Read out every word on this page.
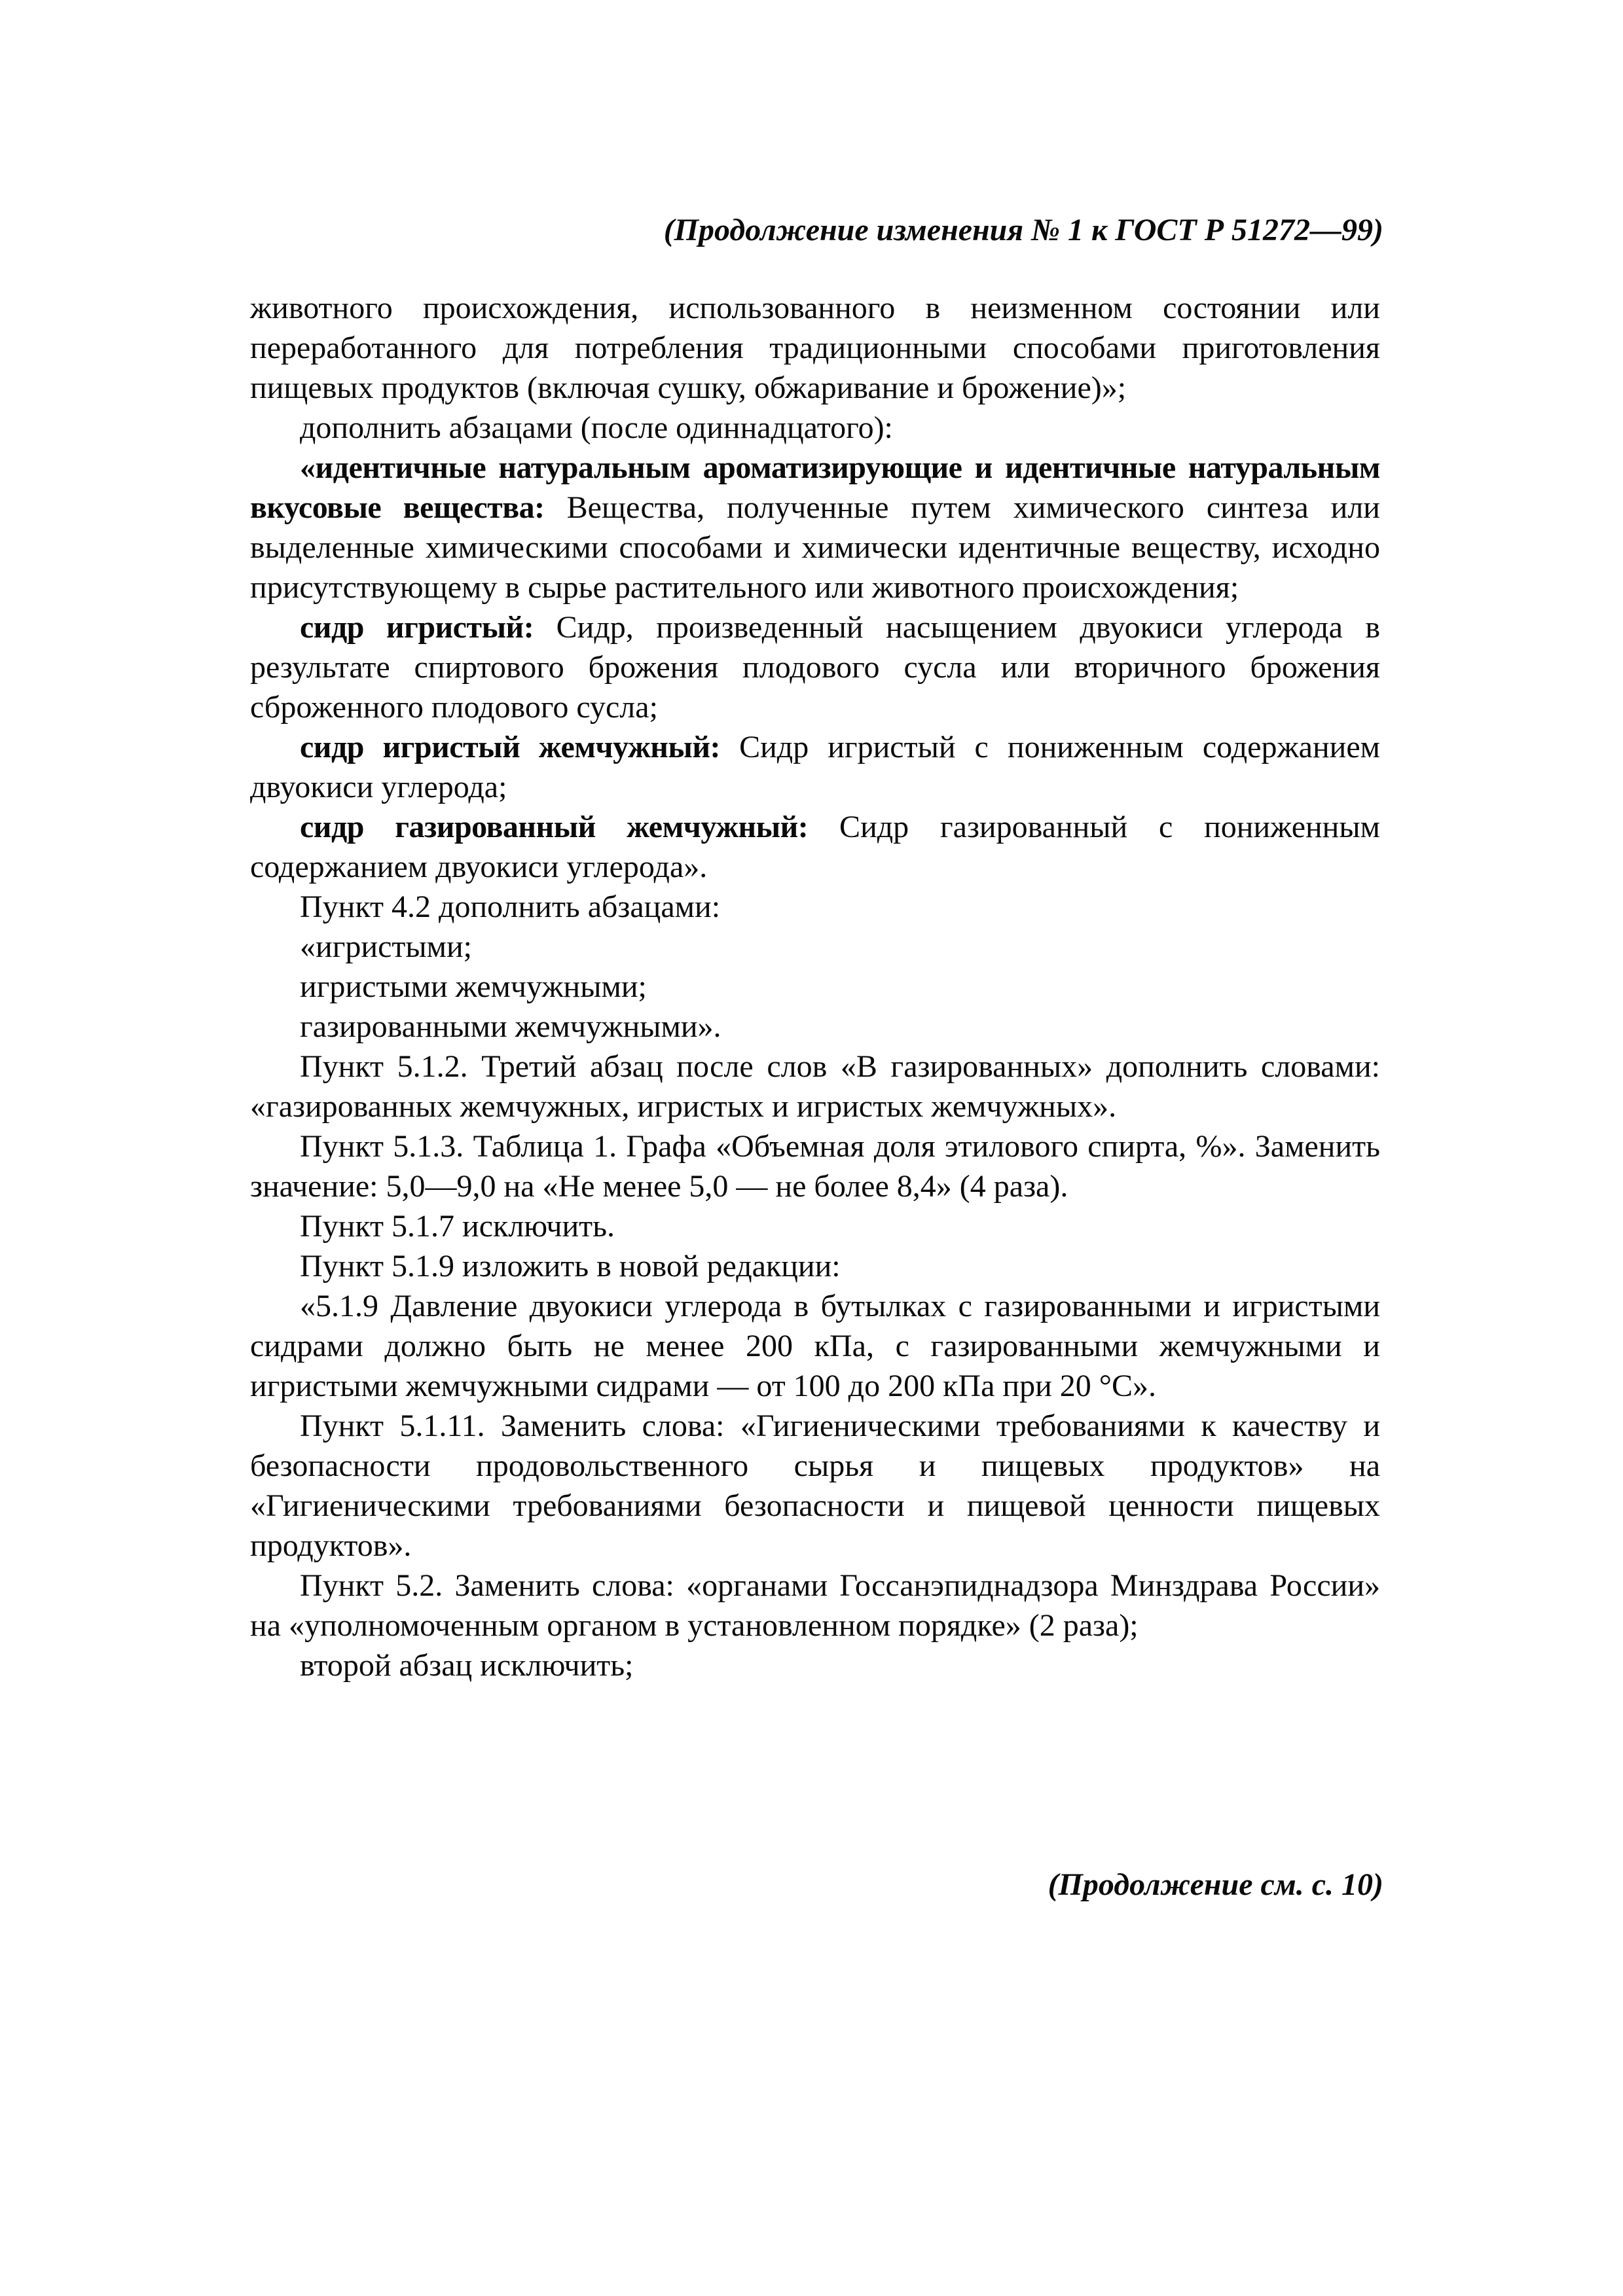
(Продолжение изменения № 1 к ГОСТ Р 51272—99)

животного происхождения, использованного в неизменном состоянии или переработанного для потребления традиционными способами приготовления пищевых продуктов (включая сушку, обжаривание и брожение)»;

дополнить абзацами (после одиннадцатого):

«идентичные натуральным ароматизирующие и идентичные натуральным вкусовые вещества: Вещества, полученные путем химического синтеза или выделенные химическими способами и химически идентичные веществу, исходно присутствующему в сырье растительного или животного происхождения;

сидр игристый: Сидр, произведенный насыщением двуокиси углерода в результате спиртового брожения плодового сусла или вторичного брожения сброженного плодового сусла;

сидр игристый жемчужный: Сидр игристый с пониженным содержанием двуокиси углерода;

сидр газированный жемчужный: Сидр газированный с пониженным содержанием двуокиси углерода».

Пункт 4.2 дополнить абзацами:

«игристыми;

игристыми жемчужными;

газированными жемчужными».

Пункт 5.1.2. Третий абзац после слов «В газированных» дополнить словами: «газированных жемчужных, игристых и игристых жемчужных».

Пункт 5.1.3. Таблица 1. Графа «Объемная доля этилового спирта, %». Заменить значение: 5,0—9,0 на «Не менее 5,0 — не более 8,4» (4 раза).

Пункт 5.1.7 исключить.

Пункт 5.1.9 изложить в новой редакции:

«5.1.9 Давление двуокиси углерода в бутылках с газированными и игристыми сидрами должно быть не менее 200 кПа, с газированными жемчужными и игристыми жемчужными сидрами — от 100 до 200 кПа при 20 °С».

Пункт 5.1.11. Заменить слова: «Гигиеническими требованиями к качеству и безопасности продовольственного сырья и пищевых продуктов» на «Гигиеническими требованиями безопасности и пищевой ценности пищевых продуктов».

Пункт 5.2. Заменить слова: «органами Госсанэпиднадзора Минздрава России» на «уполномоченным органом в установленном порядке» (2 раза);

второй абзац исключить;

(Продолжение см. с. 10)
